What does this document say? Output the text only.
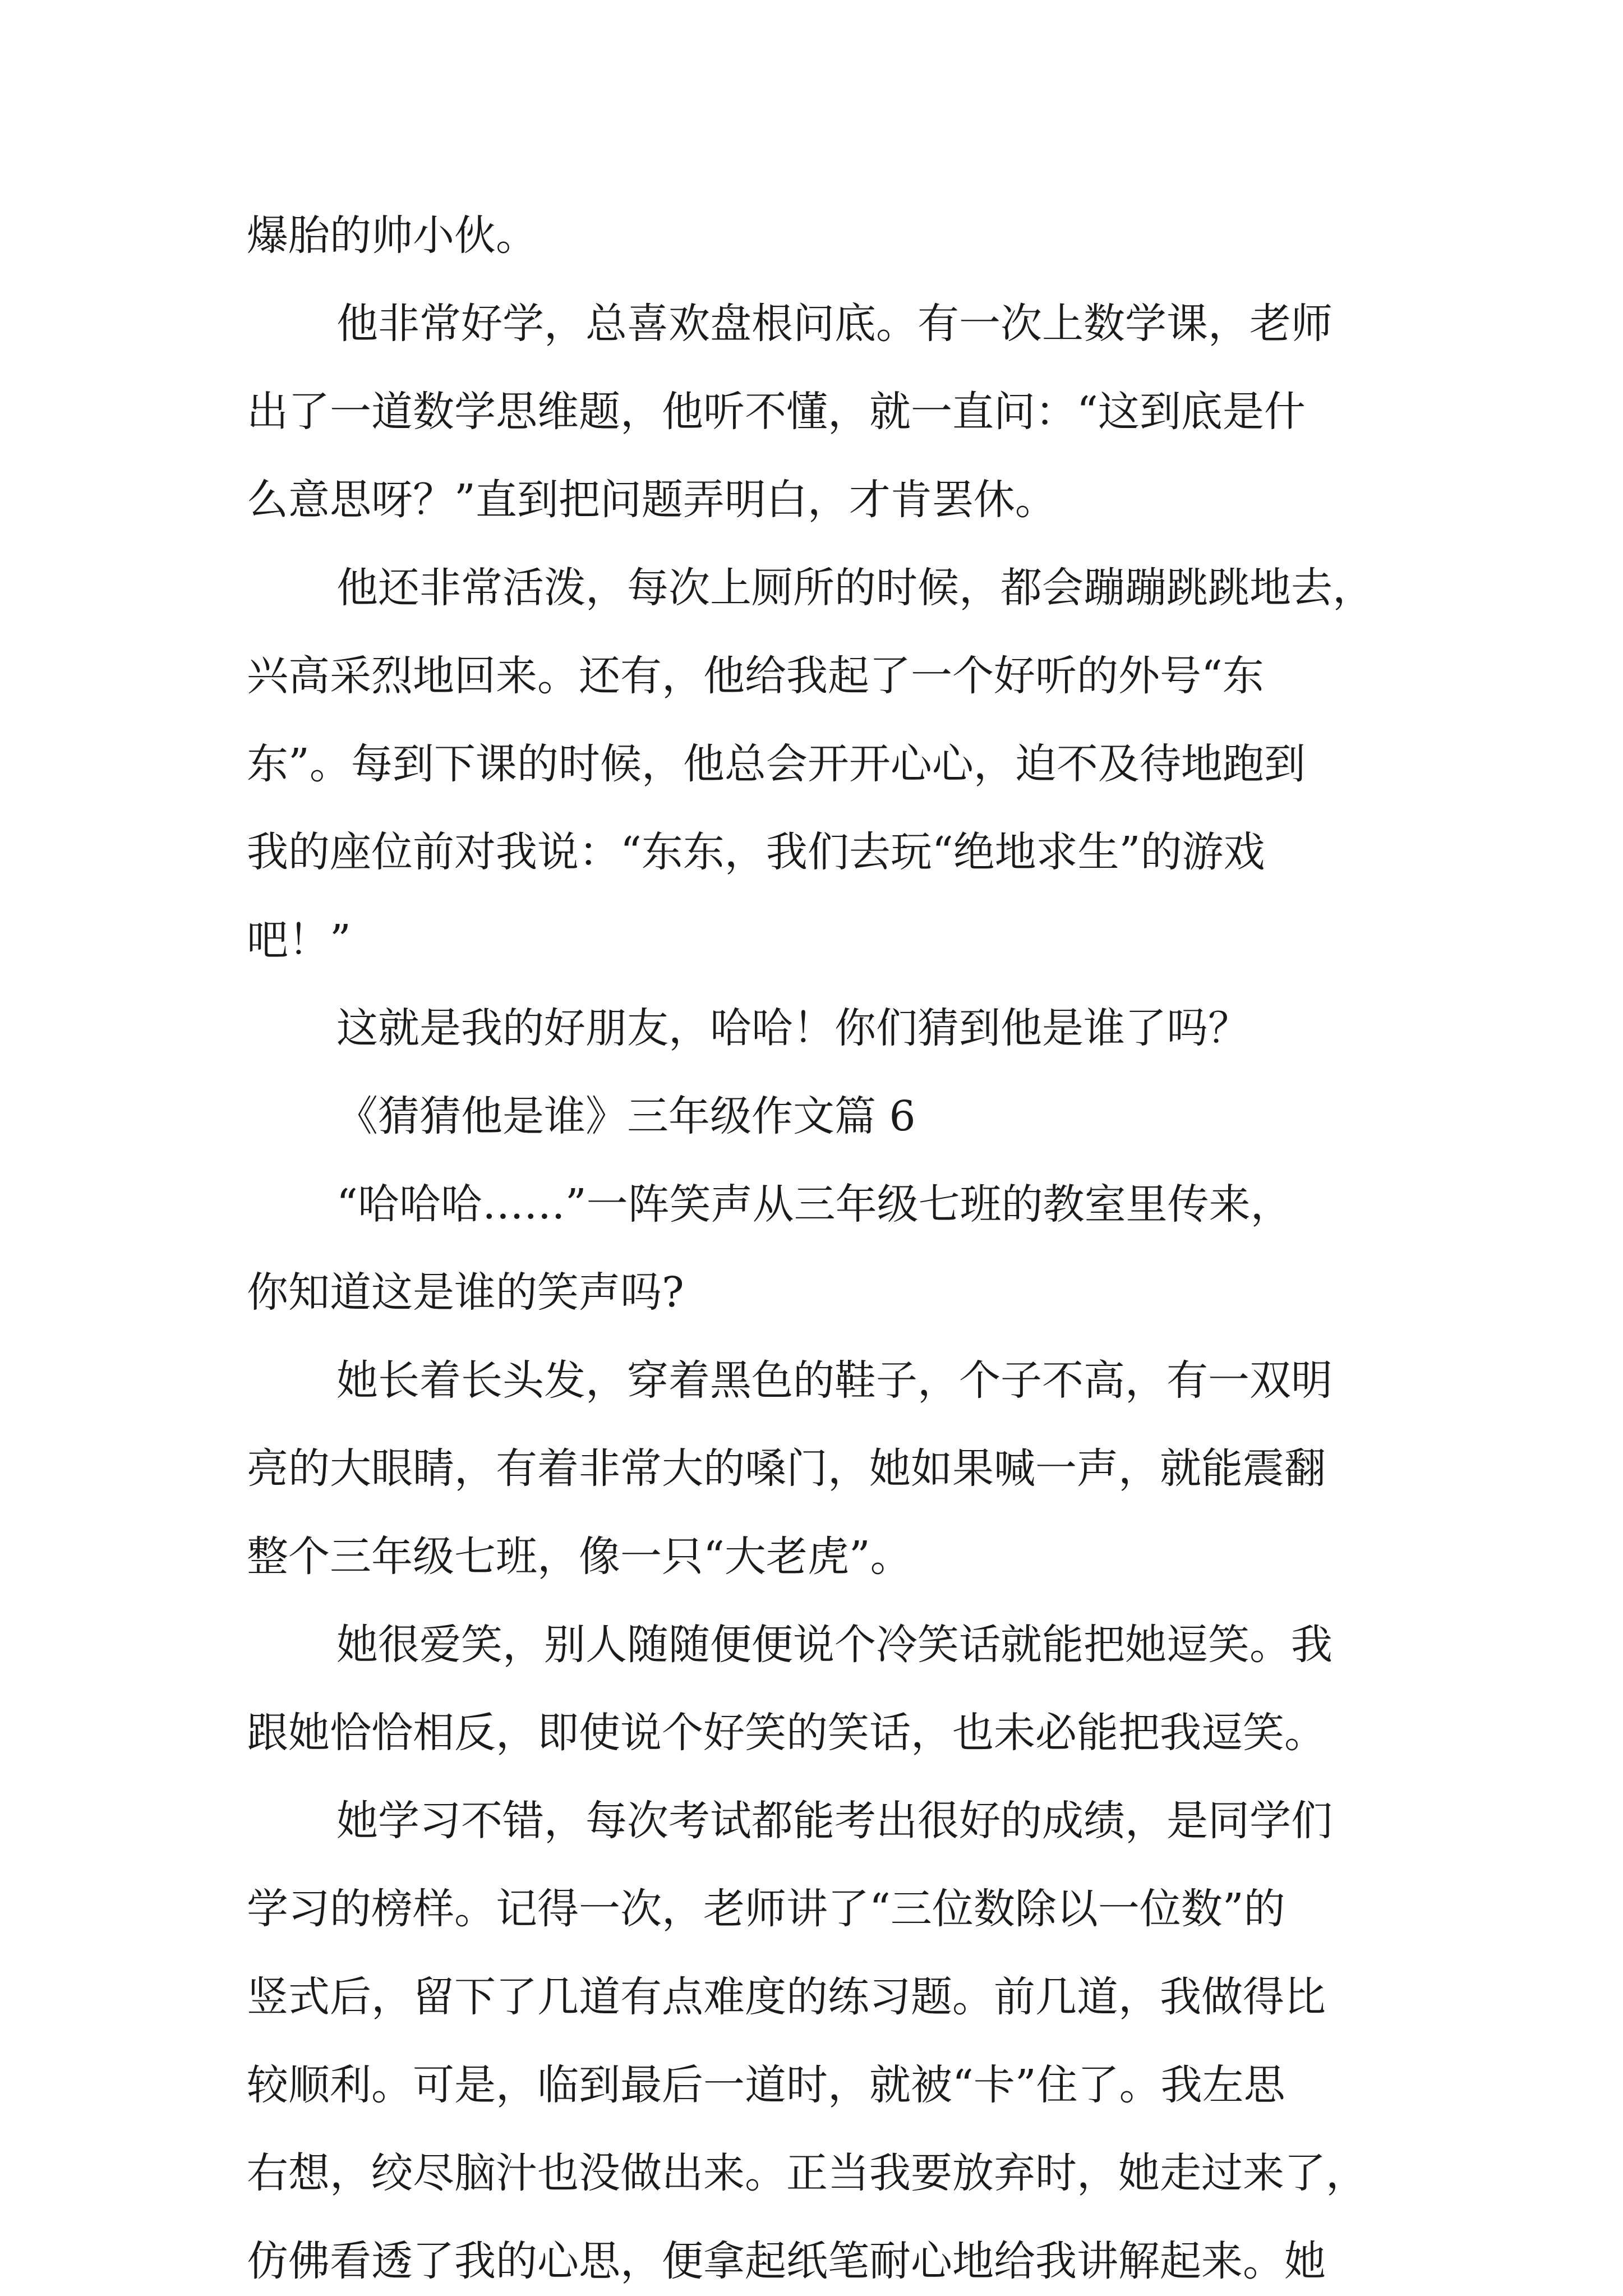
爆胎的帅小伙。
他非常好学，总喜欢盘根问底。有一次上数学课，老师
出了一道数学思维题，他听不懂，就一直问：“这到底是什
么意思呀？”直到把问题弄明白，才肯罢休。
他还非常活泼，每次上厕所的时候，都会蹦蹦跳跳地去，
兴高采烈地回来。还有，他给我起了一个好听的外号“东
东”。每到下课的时候，他总会开开心心，迫不及待地跑到
我的座位前对我说：“东东，我们去玩“绝地求生”的游戏
吧！”
这就是我的好朋友，哈哈！你们猜到他是谁了吗？
《猜猜他是谁》三年级作文篇 6
“哈哈哈……”一阵笑声从三年级七班的教室里传来，
你知道这是谁的笑声吗?
她长着长头发，穿着黑色的鞋子，个子不高，有一双明
亮的大眼睛，有着非常大的嗓门，她如果喊一声，就能震翻
整个三年级七班，像一只“大老虎”。
她很爱笑，别人随随便便说个冷笑话就能把她逗笑。我
跟她恰恰相反，即使说个好笑的笑话，也未必能把我逗笑。
她学习不错，每次考试都能考出很好的成绩，是同学们
学习的榜样。记得一次，老师讲了“三位数除以一位数”的
竖式后，留下了几道有点难度的练习题。前几道，我做得比
较顺利。可是，临到最后一道时，就被“卡”住了。我左思
右想，绞尽脑汁也没做出来。正当我要放弃时，她走过来了，
仿佛看透了我的心思，便拿起纸笔耐心地给我讲解起来。她
